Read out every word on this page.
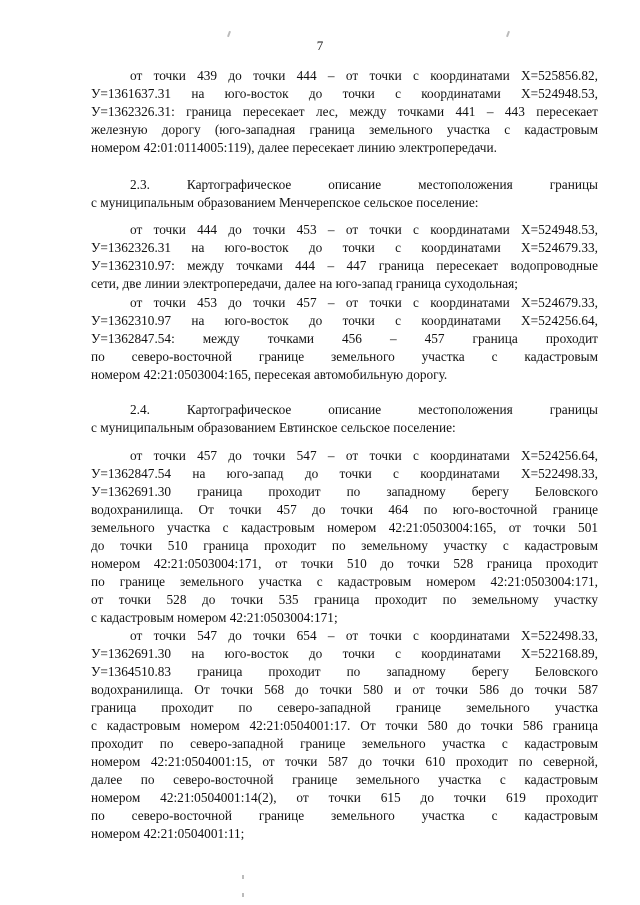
7
от точки 439 до точки 444 – от точки с координатами Х=525856.82,
У=1361637.31 на юго-восток до точки с координатами Х=524948.53,
У=1362326.31: граница пересекает лес, между точками 441 – 443 пересекает
железную дорогу (юго-западная граница земельного участка с кадастровым
номером 42:01:0114005:119), далее пересекает линию электропередачи.
2.3. Картографическое описание местоположения границы
с муниципальным образованием Менчерепское сельское поселение:
от точки 444 до точки 453 – от точки с координатами Х=524948.53,
У=1362326.31 на юго-восток до точки с координатами Х=524679.33,
У=1362310.97: между точками 444 – 447 граница пересекает водопроводные
сети, две линии электропередачи, далее на юго-запад граница суходольная;
от точки 453 до точки 457 – от точки с координатами Х=524679.33,
У=1362310.97 на юго-восток до точки с координатами Х=524256.64,
У=1362847.54: между точками 456 – 457 граница проходит
по северо-восточной границе земельного участка с кадастровым
номером 42:21:0503004:165, пересекая автомобильную дорогу.
2.4. Картографическое описание местоположения границы
с муниципальным образованием Евтинское сельское поселение:
от точки 457 до точки 547 – от точки с координатами Х=524256.64,
У=1362847.54 на юго-запад до точки с координатами Х=522498.33,
У=1362691.30 граница проходит по западному берегу Беловского
водохранилища. От точки 457 до точки 464 по юго-восточной границе
земельного участка с кадастровым номером 42:21:0503004:165, от точки 501
до точки 510 граница проходит по земельному участку с кадастровым
номером 42:21:0503004:171, от точки 510 до точки 528 граница проходит
по границе земельного участка с кадастровым номером 42:21:0503004:171,
от точки 528 до точки 535 граница проходит по земельному участку
с кадастровым номером 42:21:0503004:171;
от точки 547 до точки 654 – от точки с координатами Х=522498.33,
У=1362691.30 на юго-восток до точки с координатами Х=522168.89,
У=1364510.83 граница проходит по западному берегу Беловского
водохранилища. От точки 568 до точки 580 и от точки 586 до точки 587
граница проходит по северо-западной границе земельного участка
с кадастровым номером 42:21:0504001:17. От точки 580 до точки 586 граница
проходит по северо-западной границе земельного участка с кадастровым
номером 42:21:0504001:15, от точки 587 до точки 610 проходит по северной,
далее по северо-восточной границе земельного участка с кадастровым
номером 42:21:0504001:14(2), от точки 615 до точки 619 проходит
по северо-восточной границе земельного участка с кадастровым
номером 42:21:0504001:11;
